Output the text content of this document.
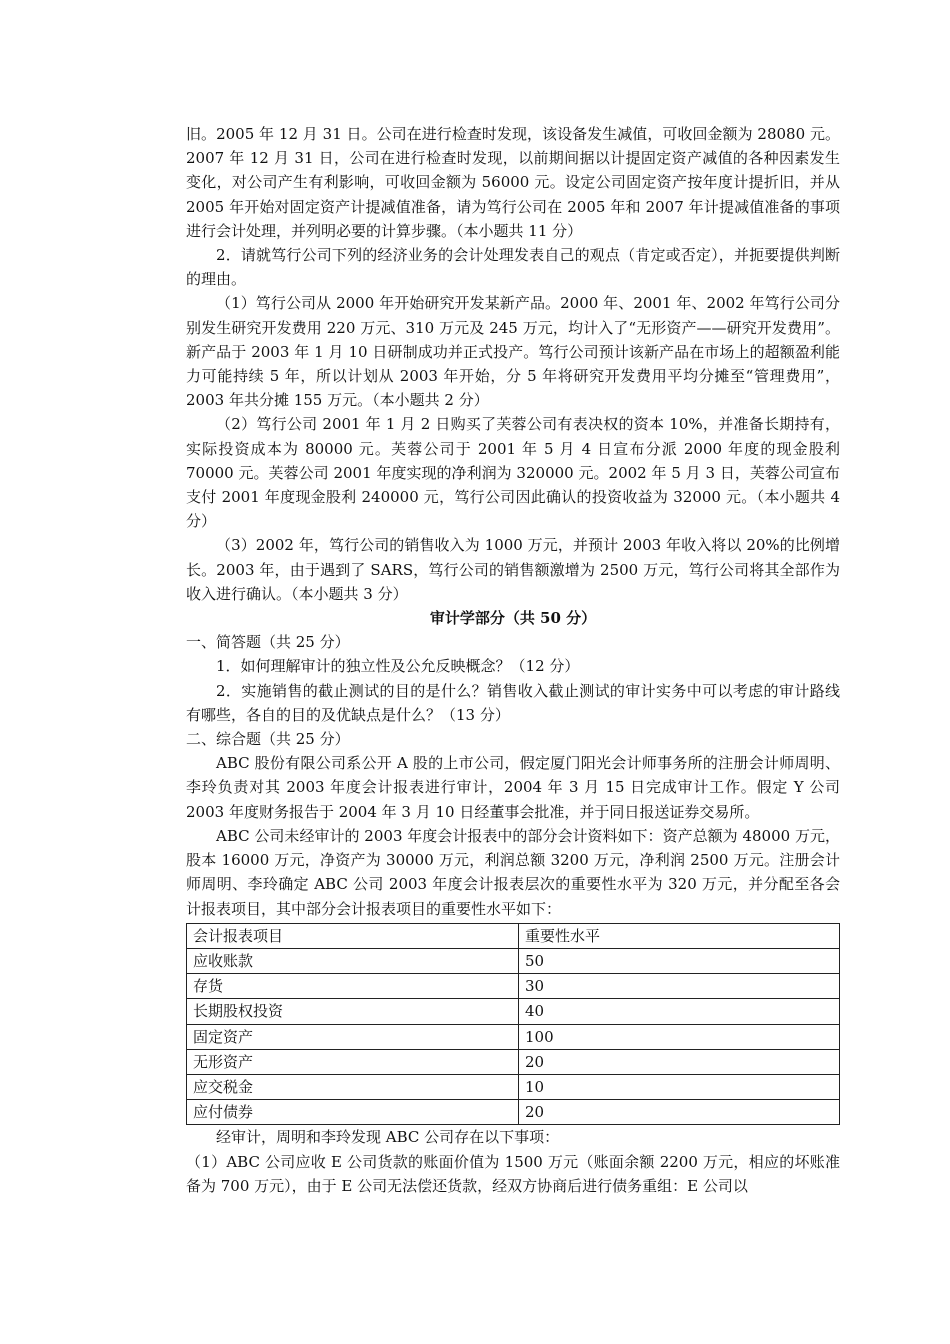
旧。2005 年 12 月 31 日。公司在进行检查时发现，该设备发生减值，可收回金额为 28080 元。2007 年 12 月 31 日，公司在进行检查时发现，以前期间据以计提固定资产减值的各种因素发生变化，对公司产生有利影响，可收回金额为 56000 元。设定公司固定资产按年度计提折旧，并从 2005 年开始对固定资产计提减值准备，请为笃行公司在 2005 年和 2007 年计提减值准备的事项进行会计处理，并列明必要的计算步骤。（本小题共 11 分）

2．请就笃行公司下列的经济业务的会计处理发表自己的观点（肯定或否定），并扼要提供判断的理由。

（1）笃行公司从 2000 年开始研究开发某新产品。2000 年、2001 年、2002 年笃行公司分别发生研究开发费用 220 万元、310 万元及 245 万元，均计入了“无形资产——研究开发费用”。新产品于 2003 年 1 月 10 日研制成功并正式投产。笃行公司预计该新产品在市场上的超额盈利能力可能持续 5 年，所以计划从 2003 年开始，分 5 年将研究开发费用平均分摊至“管理费用”，2003 年共分摊 155 万元。（本小题共 2 分）

（2）笃行公司 2001 年 1 月 2 日购买了芙蓉公司有表决权的资本 10%，并准备长期持有，实际投资成本为 80000 元。芙蓉公司于 2001 年 5 月 4 日宣布分派 2000 年度的现金股利 70000 元。芙蓉公司 2001 年度实现的净利润为 320000 元。2002 年 5 月 3 日，芙蓉公司宣布支付 2001 年度现金股利 240000 元，笃行公司因此确认的投资收益为 32000 元。（本小题共 4 分）

（3）2002 年，笃行公司的销售收入为 1000 万元，并预计 2003 年收入将以 20%的比例增长。2003 年，由于遇到了 SARS，笃行公司的销售额激增为 2500 万元，笃行公司将其全部作为收入进行确认。（本小题共 3 分）

审计学部分（共 50 分）

一、简答题（共 25 分）

1．如何理解审计的独立性及公允反映概念？（12 分）

2．实施销售的截止测试的目的是什么？销售收入截止测试的审计实务中可以考虑的审计路线有哪些，各自的目的及优缺点是什么？（13 分）

二、综合题（共 25 分）

ABC 股份有限公司系公开 A 股的上市公司，假定厦门阳光会计师事务所的注册会计师周明、李玲负责对其 2003 年度会计报表进行审计，2004 年 3 月 15 日完成审计工作。假定 Y 公司 2003 年度财务报告于 2004 年 3 月 10 日经董事会批准，并于同日报送证券交易所。

ABC 公司未经审计的 2003 年度会计报表中的部分会计资料如下：资产总额为 48000 万元，股本 16000 万元，净资产为 30000 万元，利润总额 3200 万元，净利润 2500 万元。注册会计师周明、李玲确定 ABC 公司 2003 年度会计报表层次的重要性水平为 320 万元，并分配至各会计报表项目，其中部分会计报表项目的重要性水平如下：

会计报表项目	重要性水平
应收账款	50
存货	30
长期股权投资	40
固定资产	100
无形资产	20
应交税金	10
应付债券	20

经审计，周明和李玲发现 ABC 公司存在以下事项：

（1）ABC 公司应收 E 公司货款的账面价值为 1500 万元（账面余额 2200 万元，相应的坏账准备为 700 万元），由于 E 公司无法偿还货款，经双方协商后进行债务重组：E 公司以
